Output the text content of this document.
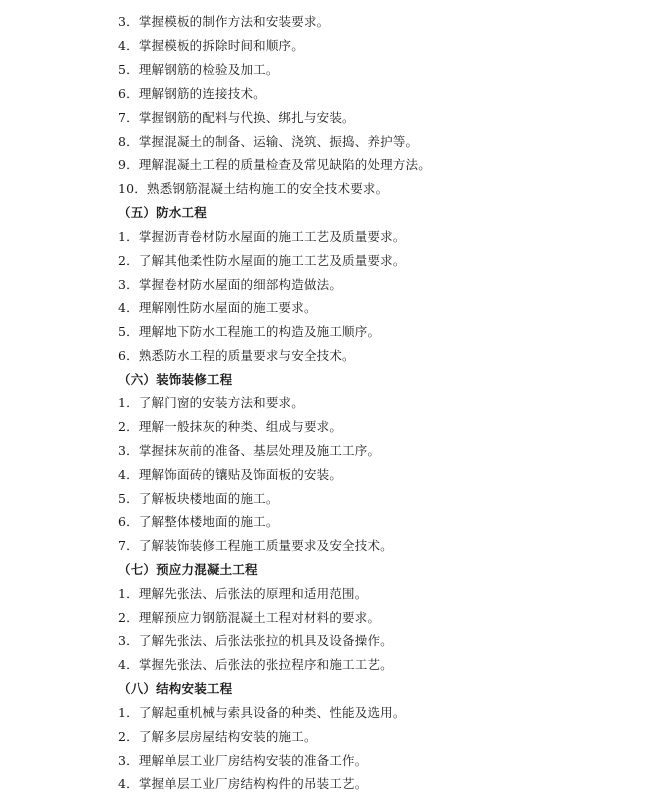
3．掌握模板的制作方法和安装要求。
4．掌握模板的拆除时间和顺序。
5．理解钢筋的检验及加工。
6．理解钢筋的连接技术。
7．掌握钢筋的配料与代换、绑扎与安装。
8．掌握混凝土的制备、运输、浇筑、振捣、养护等。
9．理解混凝土工程的质量检查及常见缺陷的处理方法。
10．熟悉钢筋混凝土结构施工的安全技术要求。
（五）防水工程
1．掌握沥青卷材防水屋面的施工工艺及质量要求。
2．了解其他柔性防水屋面的施工工艺及质量要求。
3．掌握卷材防水屋面的细部构造做法。
4．理解刚性防水屋面的施工要求。
5．理解地下防水工程施工的构造及施工顺序。
6．熟悉防水工程的质量要求与安全技术。
（六）装饰装修工程
1．了解门窗的安装方法和要求。
2．理解一般抹灰的种类、组成与要求。
3．掌握抹灰前的准备、基层处理及施工工序。
4．理解饰面砖的镶贴及饰面板的安装。
5．了解板块楼地面的施工。
6．了解整体楼地面的施工。
7．了解装饰装修工程施工质量要求及安全技术。
（七）预应力混凝土工程
1．理解先张法、后张法的原理和适用范围。
2．理解预应力钢筋混凝土工程对材料的要求。
3．了解先张法、后张法张拉的机具及设备操作。
4．掌握先张法、后张法的张拉程序和施工工艺。
（八）结构安装工程
1．了解起重机械与索具设备的种类、性能及选用。
2．了解多层房屋结构安装的施工。
3．理解单层工业厂房结构安装的准备工作。
4．掌握单层工业厂房结构构件的吊装工艺。
